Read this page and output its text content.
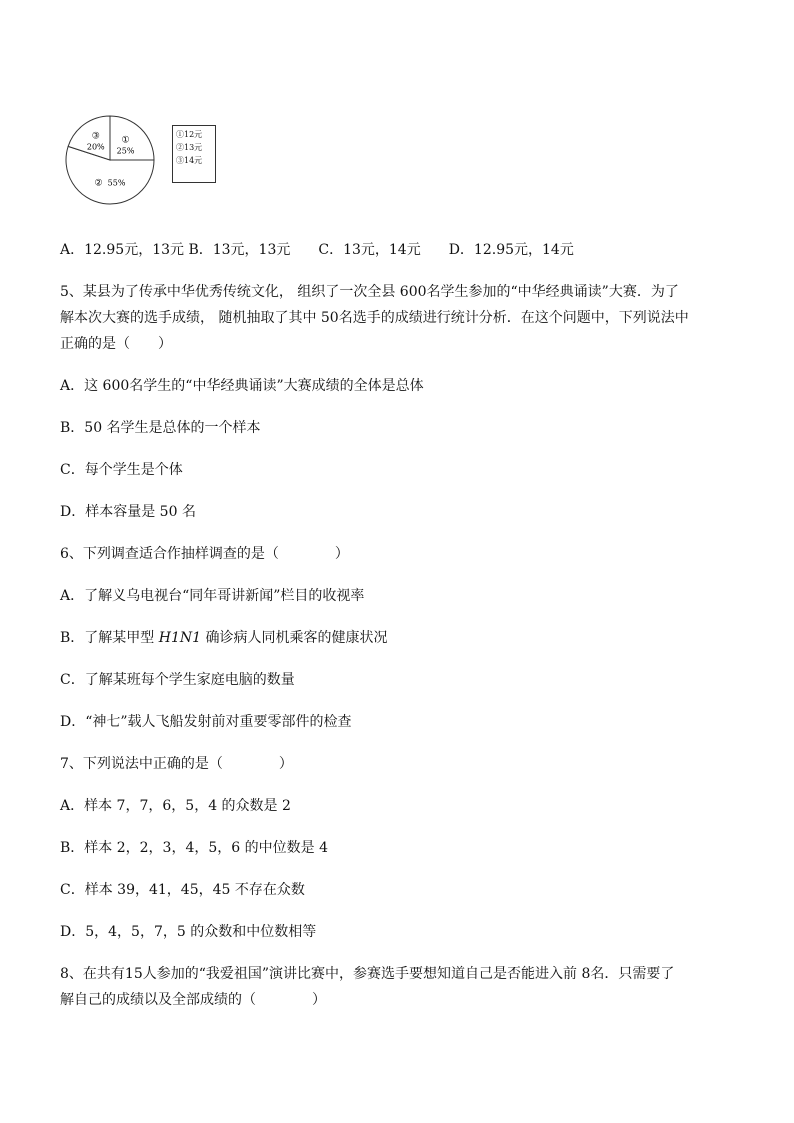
①
25%
② 55%
③
20%
①12元
②13元
③14元
A．12.95元，13元 B．13元，13元　　C．13元，14元　　D．12.95元，14元
5、某县为了传承中华优秀传统文化， 组织了一次全县 600名学生参加的“中华经典诵读”大赛．为了
解本次大赛的选手成绩， 随机抽取了其中 50名选手的成绩进行统计分析．在这个问题中，下列说法中
正确的是（　　）
A．这 600名学生的“中华经典诵读”大赛成绩的全体是总体
B．50 名学生是总体的一个样本
C．每个学生是个体
D．样本容量是 50 名
6、下列调查适合作抽样调查的是（　　　　）
A．了解义乌电视台“同年哥讲新闻”栏目的收视率
B．了解某甲型 H1N1 确诊病人同机乘客的健康状况
C．了解某班每个学生家庭电脑的数量
D．“神七”载人飞船发射前对重要零部件的检查
7、下列说法中正确的是（　　　　）
A．样本 7，7，6，5，4 的众数是 2
B．样本 2，2，3，4，5，6 的中位数是 4
C．样本 39，41，45，45 不存在众数
D．5，4，5，7，5 的众数和中位数相等
8、在共有15人参加的“我爱祖国”演讲比赛中，参赛选手要想知道自己是否能进入前 8名．只需要了
解自己的成绩以及全部成绩的（　　　　）
